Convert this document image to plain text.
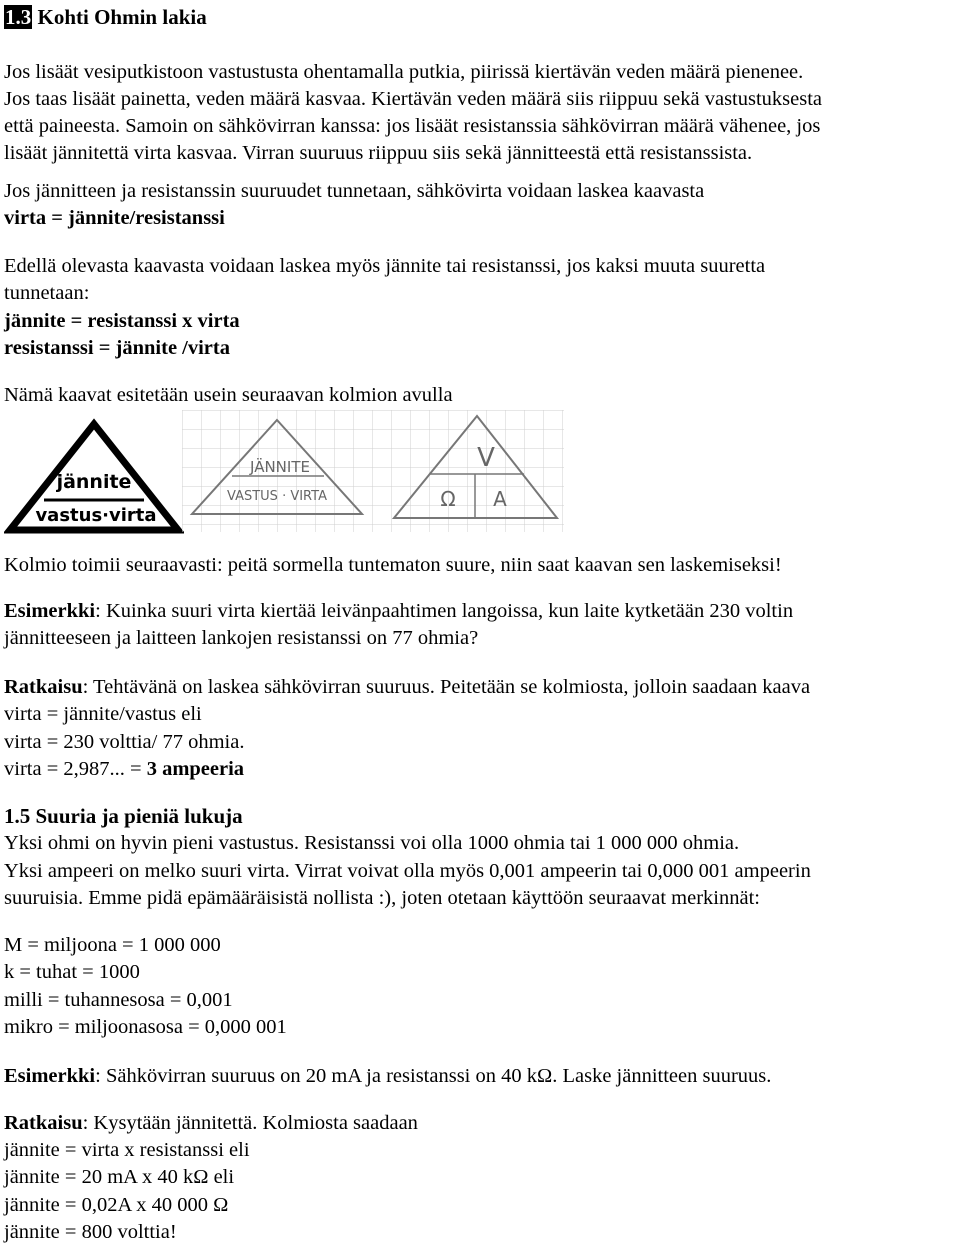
1.3 Kohti Ohmin lakia
Jos lisäät vesiputkistoon vastustusta ohentamalla putkia, piirissä kiertävän veden määrä pienenee.
Jos taas lisäät painetta, veden määrä kasvaa. Kiertävän veden määrä siis riippuu sekä vastustuksesta
että paineesta. Samoin on sähkövirran kanssa: jos lisäät resistanssia sähkövirran määrä vähenee, jos
lisäät jännitettä virta kasvaa. Virran suuruus riippuu siis sekä jännitteestä että resistanssista.
Jos jännitteen ja resistanssin suuruudet tunnetaan, sähkövirta voidaan laskea kaavasta
virta = jännite/resistanssi
Edellä olevasta kaavasta voidaan laskea myös jännite tai resistanssi, jos kaksi muuta suuretta
tunnetaan:
jännite = resistanssi x virta
resistanssi = jännite /virta
Nämä kaavat esitetään usein seuraavan kolmion avulla
jännite
vastus·virta
JÄNNITE
VASTUS · VIRTA
V
Ω A
Kolmio toimii seuraavasti: peitä sormella tuntematon suure, niin saat kaavan sen laskemiseksi!
Esimerkki: Kuinka suuri virta kiertää leivänpaahtimen langoissa, kun laite kytketään 230 voltin
jännitteeseen ja laitteen lankojen resistanssi on 77 ohmia?
Ratkaisu: Tehtävänä on laskea sähkövirran suuruus. Peitetään se kolmiosta, jolloin saadaan kaava
virta = jännite/vastus eli
virta = 230 volttia/ 77 ohmia.
virta = 2,987... = 3 ampeeria
1.5 Suuria ja pieniä lukuja
Yksi ohmi on hyvin pieni vastustus. Resistanssi voi olla 1000 ohmia tai 1 000 000 ohmia.
Yksi ampeeri on melko suuri virta. Virrat voivat olla myös 0,001 ampeerin tai 0,000 001 ampeerin
suuruisia. Emme pidä epämääräisistä nollista :), joten otetaan käyttöön seuraavat merkinnät:
M = miljoona = 1 000 000
k = tuhat = 1000
milli = tuhannesosa = 0,001
mikro = miljoonasosa = 0,000 001
Esimerkki: Sähkövirran suuruus on 20 mA ja resistanssi on 40 kΩ. Laske jännitteen suuruus.
Ratkaisu: Kysytään jännitettä. Kolmiosta saadaan
jännite = virta x resistanssi eli
jännite = 20 mA x 40 kΩ eli
jännite = 0,02A x 40 000 Ω
jännite = 800 volttia!
